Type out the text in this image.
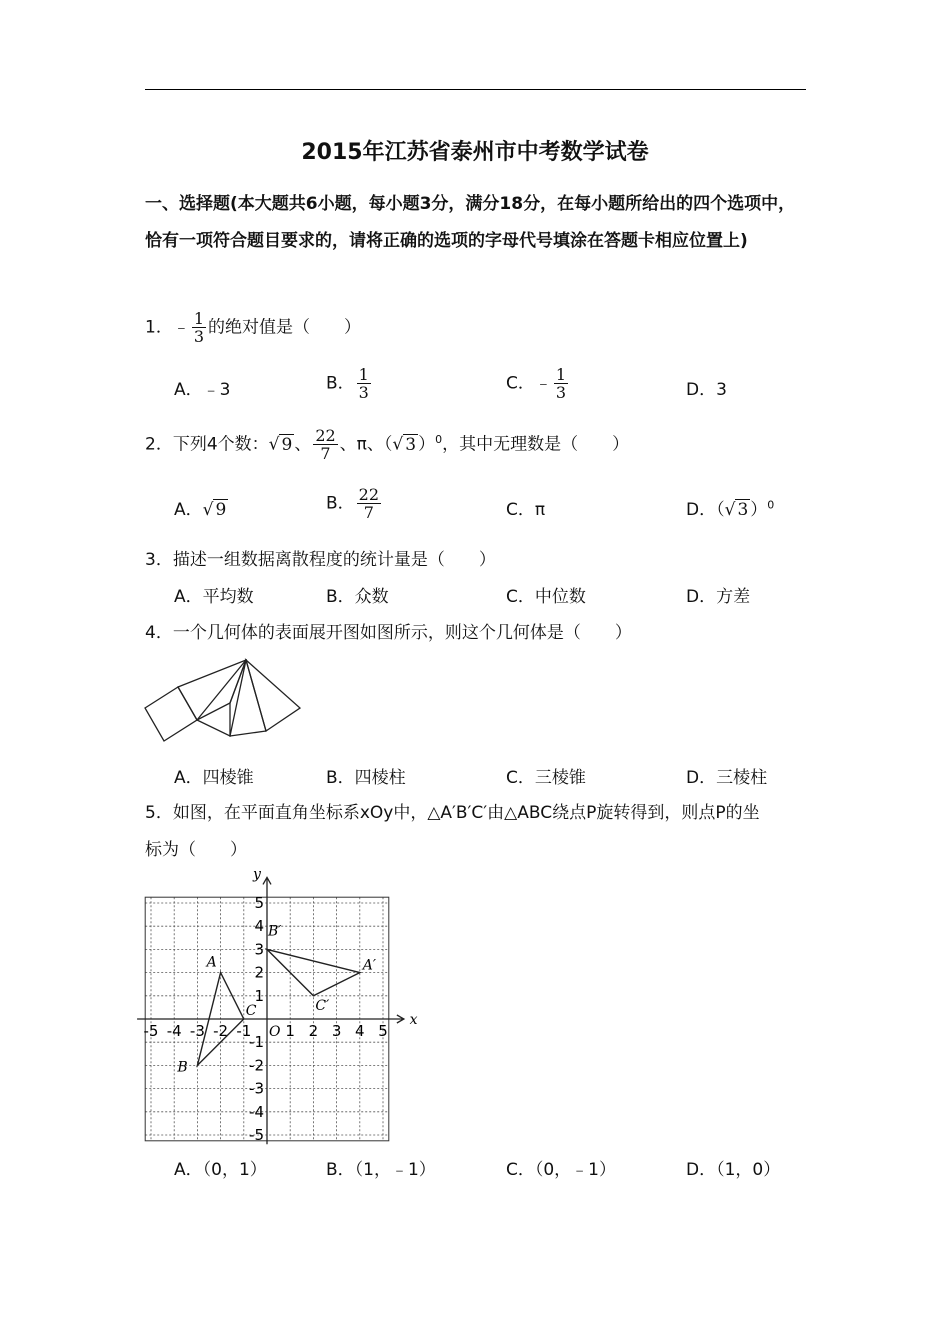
2015年江苏省泰州市中考数学试卷
一、选择题(本大题共6小题，每小题3分，满分18分，在每小题所给出的四个选项中，恰有一项符合题目要求的，请将正确的选项的字母代号填涂在答题卡相应位置上)
1．﹣ $\frac{1}{3}$ 的绝对值是（　　）
A．﹣3	B． $\frac{1}{3}$	C．﹣ $\frac{1}{3}$	D．3
2．下列4个数：√ 9 、 $\frac{22}{7}$ 、π、（√ 3 ）$^0$，其中无理数是（　　）
A．√ 9	B． $\frac{22}{7}$	C．π	D．（√ 3 ）$^0$
3．描述一组数据离散程度的统计量是（　　）
A．平均数	B．众数	C．中位数	D．方差
4．一个几何体的表面展开图如图所示，则这个几何体是（　　）
A．四棱锥	B．四棱柱	C．三棱锥	D．三棱柱
5．如图，在平面直角坐标系xOy中，△A′B′C′由△ABC绕点P旋转得到，则点P的坐
标为（　　）
x
y
O
-5 -4 -3 -2 -1 1 2 3 4 5
5
4
3
2
1
-1
-2
-3
-4
-5
A
B
C
A′
B′
C′
A．（0，1）	B．（1，﹣1）	C．（0，﹣1）	D．（1，0）
